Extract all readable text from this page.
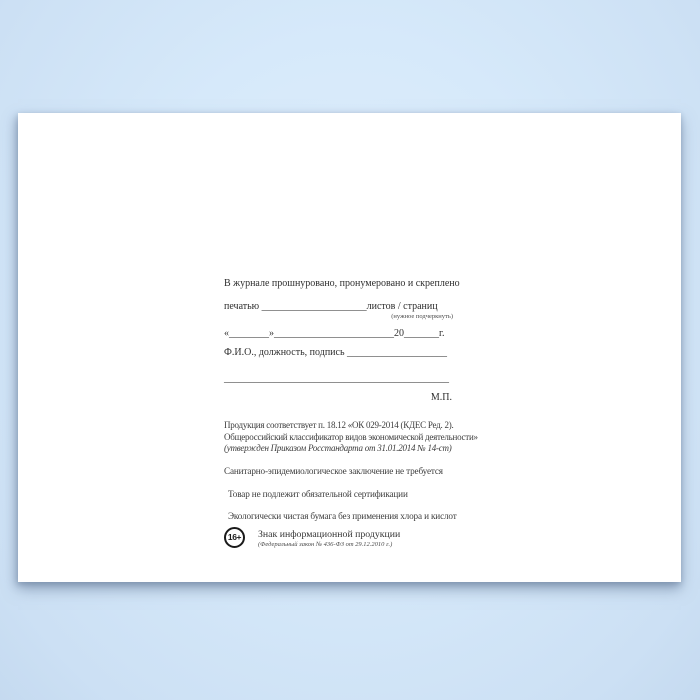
В журнале прошнуровано, пронумеровано и скреплено
печатью _____________________листов / страниц
(нужное подчеркнуть)
«________»________________________20_______г.
Ф.И.О., должность, подпись ____________________
_____________________________________________
М.П.
Продукция соответствует п. 18.12 «ОК 029-2014 (КДЕС Ред. 2).
Общероссийский классификатор видов экономической деятельности»
(утвержден Приказом Росстандарта от 31.01.2014 № 14-ст)
Санитарно-эпидемиологическое заключение не требуется
Товар не подлежит обязательной сертификации
Экологически чистая бумага без применения хлора и кислот
16+	Знак информационной продукции
(Федеральный закон № 436-ФЗ от 29.12.2010 г.)
